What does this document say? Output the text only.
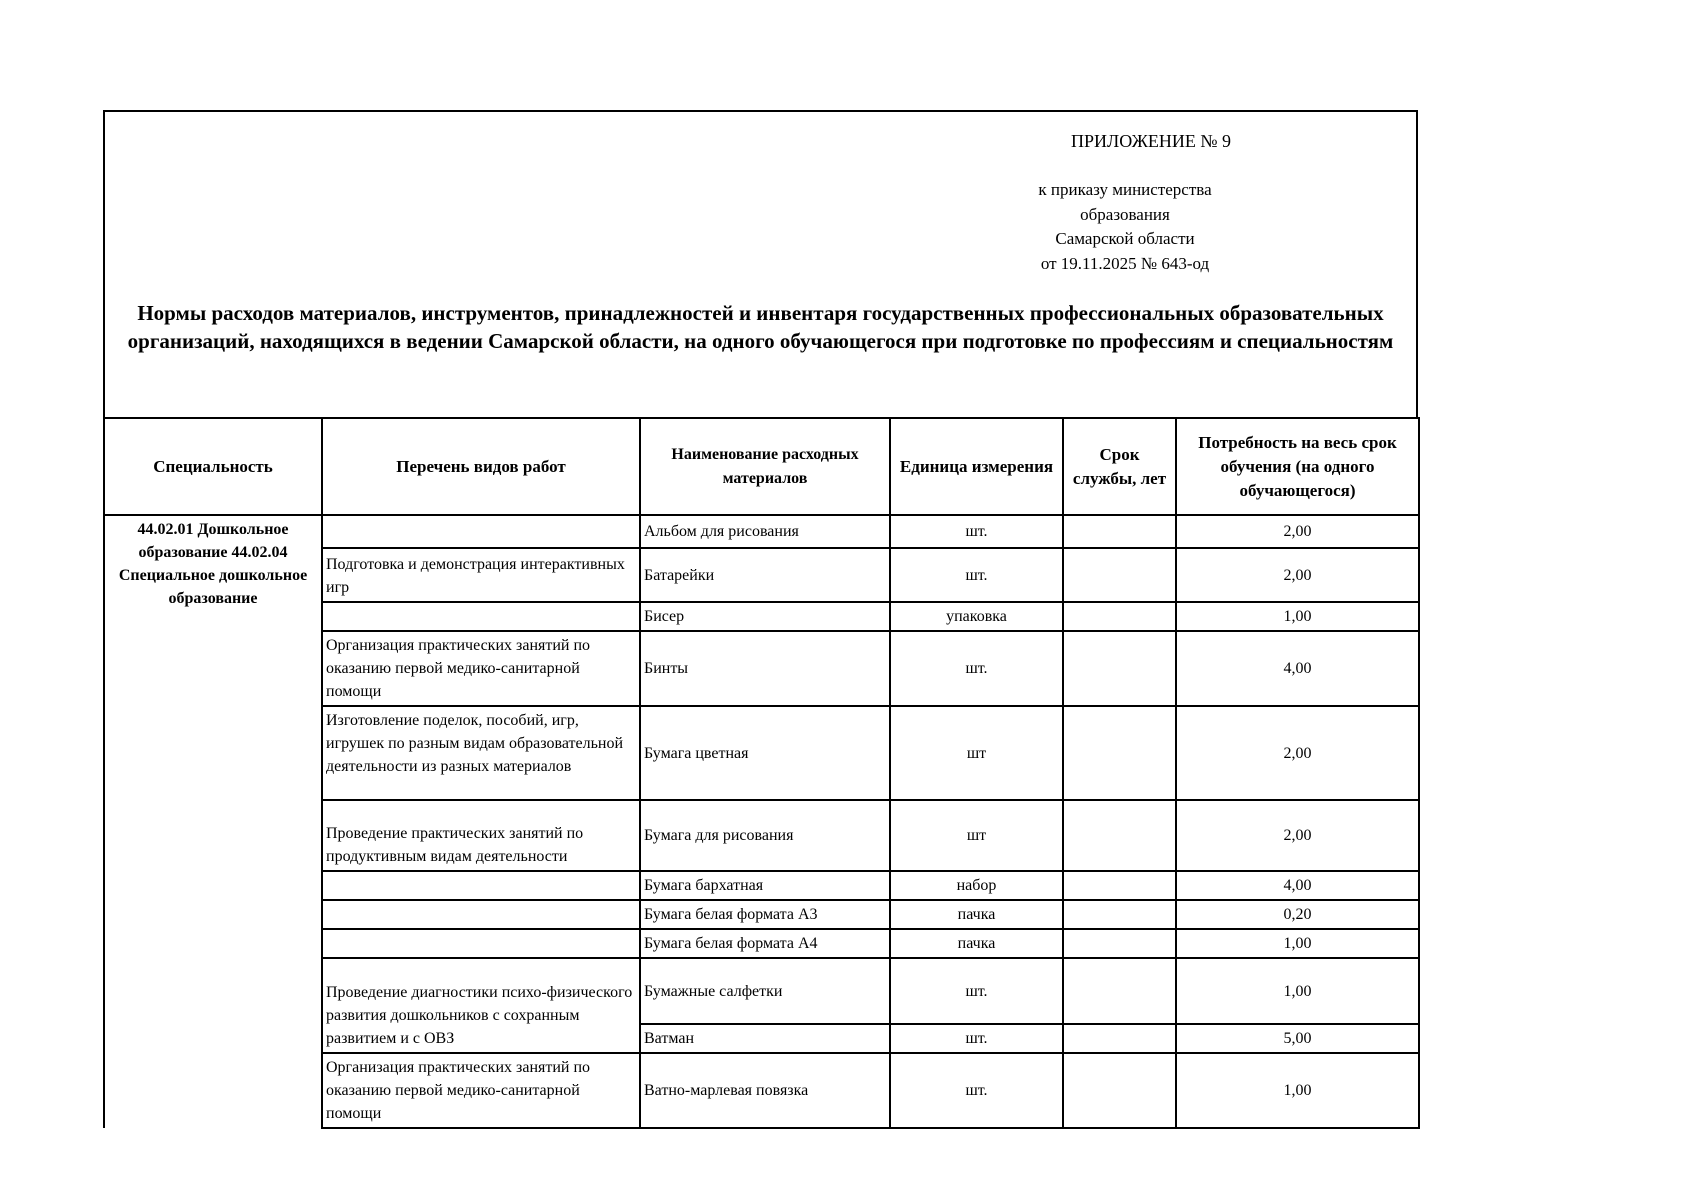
ПРИЛОЖЕНИЕ № 9
к приказу министерства
образования
Самарской области
от 19.11.2025 № 643-од
Нормы расходов материалов, инструментов, принадлежностей и инвентаря государственных профессиональных образовательных организаций, находящихся в ведении Самарской области, на одного обучающегося при подготовке по профессиям и специальностям
Специальность	Перечень видов работ	Наименование расходных материалов	Единица измерения	Срок службы, лет	Потребность на весь срок обучения (на одного обучающегося)
44.02.01 Дошкольное образование 44.02.04 Специальное дошкольное образование		Альбом для рисования	шт.		2,00
	Подготовка и демонстрация интерактивных игр	Батарейки	шт.		2,00
		Бисер	упаковка		1,00
	Организация практических занятий по оказанию первой медико-санитарной помощи	Бинты	шт.		4,00
	Изготовление поделок, пособий, игр, игрушек по разным видам образовательной деятельности из разных материалов	Бумага цветная	шт		2,00
	Проведение практических занятий по продуктивным видам деятельности	Бумага для рисования	шт		2,00
		Бумага бархатная	набор		4,00
		Бумага белая формата А3	пачка		0,20
		Бумага белая формата А4	пачка		1,00
	Проведение диагностики психо-физического развития дошкольников с сохранным развитием и с ОВЗ	Бумажные салфетки	шт.		1,00
		Ватман	шт.		5,00
	Организация практических занятий по оказанию первой медико-санитарной помощи	Ватно-марлевая повязка	шт.		1,00
